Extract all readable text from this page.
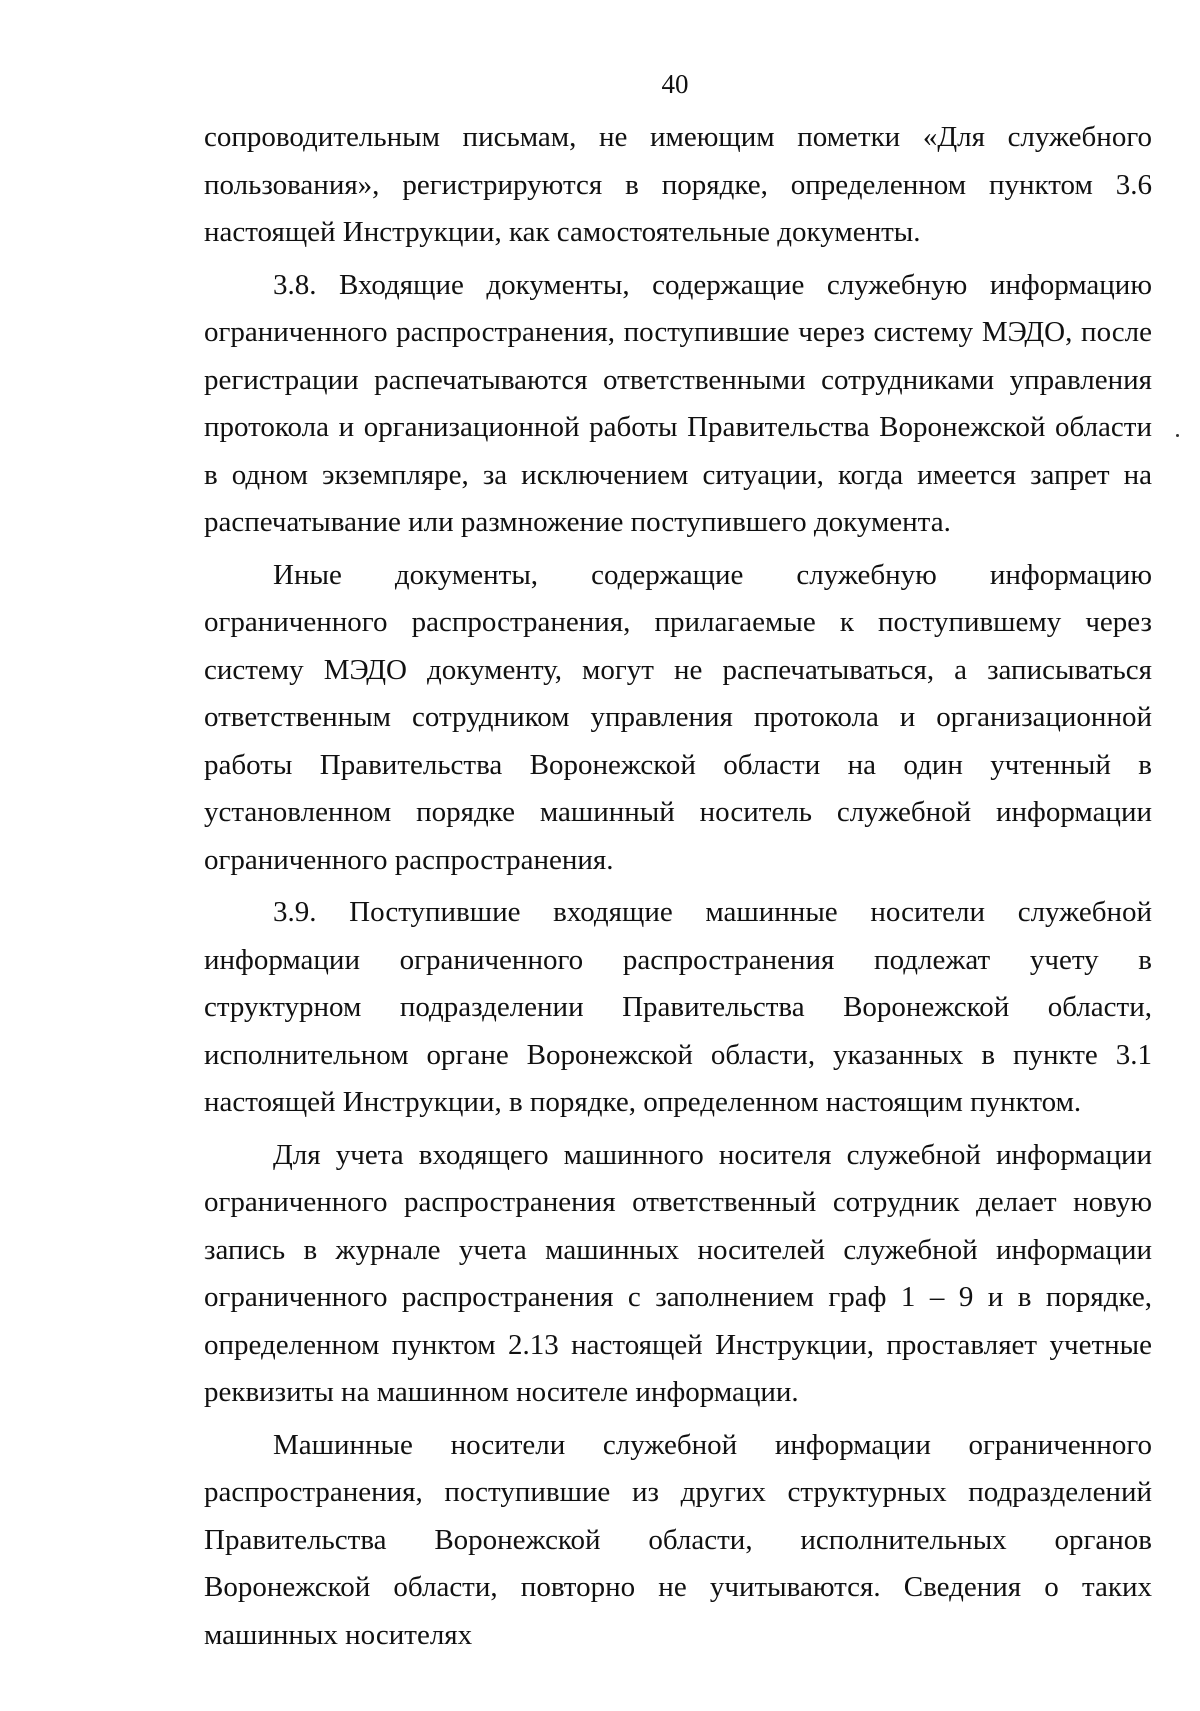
40

сопроводительным письмам, не имеющим пометки «Для служебного пользования», регистрируются в порядке, определенном пунктом 3.6 настоящей Инструкции, как самостоятельные документы.

3.8. Входящие документы, содержащие служебную информацию ограниченного распространения, поступившие через систему МЭДО, после регистрации распечатываются ответственными сотрудниками управления протокола и организационной работы Правительства Воронежской области в одном экземпляре, за исключением ситуации, когда имеется запрет на распечатывание или размножение поступившего документа.

Иные документы, содержащие служебную информацию ограниченного распространения, прилагаемые к поступившему через систему МЭДО документу, могут не распечатываться, а записываться ответственным сотрудником управления протокола и организационной работы Правительства Воронежской области на один учтенный в установленном порядке машинный носитель служебной информации ограниченного распространения.

3.9. Поступившие входящие машинные носители служебной информации ограниченного распространения подлежат учету в структурном подразделении Правительства Воронежской области, исполнительном органе Воронежской области, указанных в пункте 3.1 настоящей Инструкции, в порядке, определенном настоящим пунктом.

Для учета входящего машинного носителя служебной информации ограниченного распространения ответственный сотрудник делает новую запись в журнале учета машинных носителей служебной информации ограниченного распространения с заполнением граф 1 – 9 и в порядке, определенном пунктом 2.13 настоящей Инструкции, проставляет учетные реквизиты на машинном носителе информации.

Машинные носители служебной информации ограниченного распространения, поступившие из других структурных подразделений Правительства Воронежской области, исполнительных органов Воронежской области, повторно не учитываются. Сведения о таких машинных носителях
